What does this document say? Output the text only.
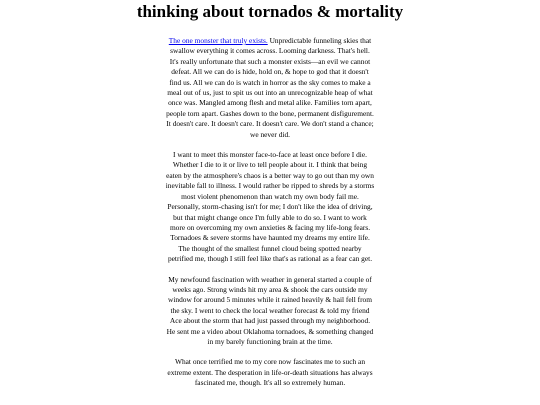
thinking about tornados & mortality

The one monster that truly exists. Unpredictable funneling skies that swallow everything it comes across. Looming darkness. That's hell. It's really unfortunate that such a monster exists—an evil we cannot defeat. All we can do is hide, hold on, & hope to god that it doesn't find us. All we can do is watch in horror as the sky comes to make a meal out of us, just to spit us out into an unrecognizable heap of what once was. Mangled among flesh and metal alike. Families torn apart, people torn apart. Gashes down to the bone, permanent disfigurement. It doesn't care. It doesn't care. It doesn't care. We don't stand a chance; we never did.

I want to meet this monster face-to-face at least once before I die. Whether I die to it or live to tell people about it. I think that being eaten by the atmosphere's chaos is a better way to go out than my own inevitable fall to illness. I would rather be ripped to shreds by a storms most violent phenomenon than watch my own body fail me. Personally, storm-chasing isn't for me; I don't like the idea of driving, but that might change once I'm fully able to do so. I want to work more on overcoming my own anxieties & facing my life-long fears. Tornadoes & severe storms have haunted my dreams my entire life. The thought of the smallest funnel cloud being spotted nearby petrified me, though I still feel like that's as rational as a fear can get.

My newfound fascination with weather in general started a couple of weeks ago. Strong winds hit my area & shook the cars outside my window for around 5 minutes while it rained heavily & hail fell from the sky. I went to check the local weather forecast & told my friend Ace about the storm that had just passed through my neighborhood. He sent me a video about Oklahoma tornadoes, & something changed in my barely functioning brain at the time.

What once terrified me to my core now fascinates me to such an extreme extent. The desperation in life-or-death situations has always fascinated me, though. It's all so extremely human.
